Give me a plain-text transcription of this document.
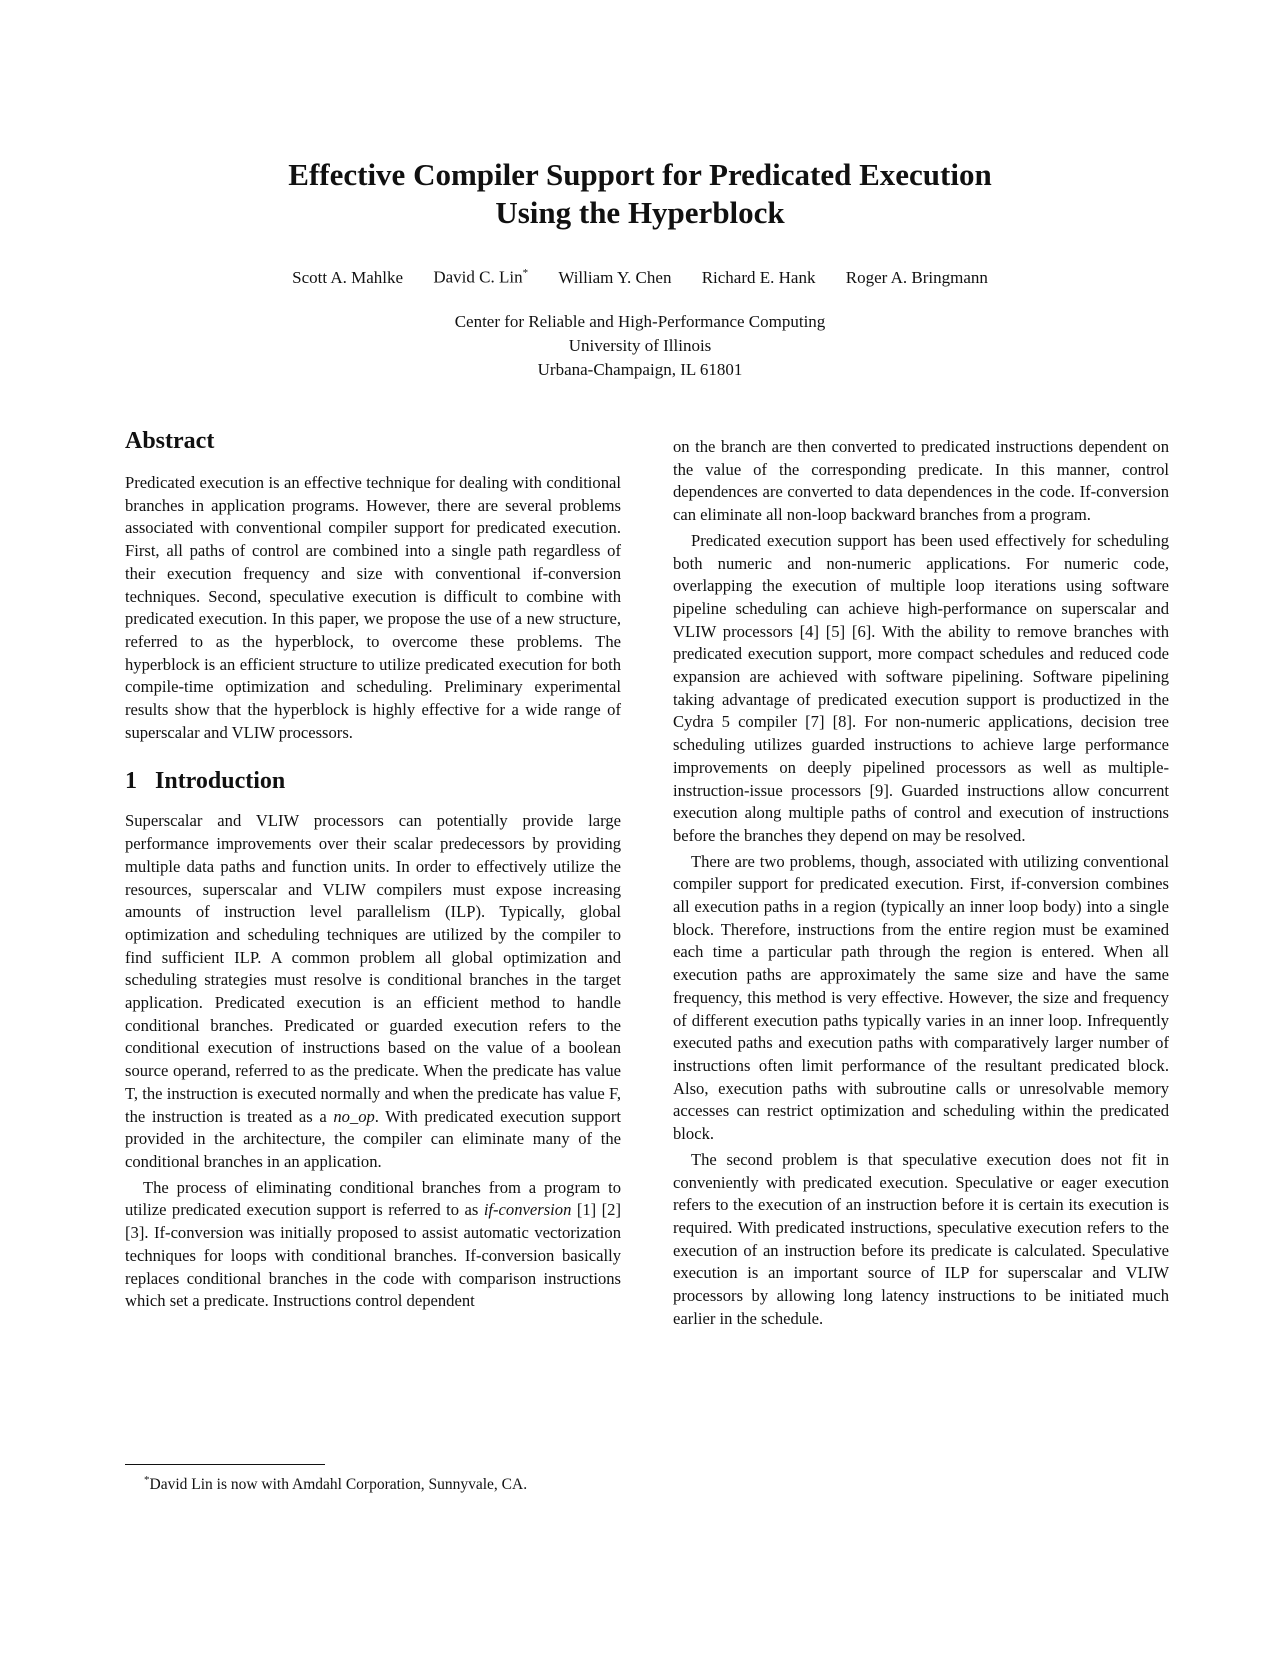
Effective Compiler Support for Predicated Execution
Using the Hyperblock
Scott A. Mahlke David C. Lin* William Y. Chen Richard E. Hank Roger A. Bringmann
Center for Reliable and High-Performance Computing
University of Illinois
Urbana-Champaign, IL 61801
Abstract

Predicated execution is an effective technique for dealing with conditional branches in application programs. However, there are several problems associated with conventional compiler support for predicated execution. First, all paths of control are combined into a single path regardless of their execution frequency and size with conventional if-conversion techniques. Second, speculative execution is difficult to combine with predicated execution. In this paper, we propose the use of a new structure, referred to as the hyperblock, to overcome these problems. The hyperblock is an efficient structure to utilize predicated execution for both compile-time optimization and scheduling. Preliminary experimental results show that the hyperblock is highly effective for a wide range of superscalar and VLIW processors.

1 Introduction

Superscalar and VLIW processors can potentially provide large performance improvements over their scalar predecessors by providing multiple data paths and function units. In order to effectively utilize the resources, superscalar and VLIW compilers must expose increasing amounts of instruction level parallelism (ILP). Typically, global optimization and scheduling techniques are utilized by the compiler to find sufficient ILP. A common problem all global optimization and scheduling strategies must resolve is conditional branches in the target application. Predicated execution is an efficient method to handle conditional branches. Predicated or guarded execution refers to the conditional execution of instructions based on the value of a boolean source operand, referred to as the predicate. When the predicate has value T, the instruction is executed normally and when the predicate has value F, the instruction is treated as a no_op. With predicated execution support provided in the architecture, the compiler can eliminate many of the conditional branches in an application.

The process of eliminating conditional branches from a program to utilize predicated execution support is referred to as if-conversion [1] [2] [3]. If-conversion was initially proposed to assist automatic vectorization techniques for loops with conditional branches. If-conversion basically replaces conditional branches in the code with comparison instructions which set a predicate. Instructions control dependent

*David Lin is now with Amdahl Corporation, Sunnyvale, CA.

on the branch are then converted to predicated instructions dependent on the value of the corresponding predicate. In this manner, control dependences are converted to data dependences in the code. If-conversion can eliminate all non-loop backward branches from a program.

Predicated execution support has been used effectively for scheduling both numeric and non-numeric applications. For numeric code, overlapping the execution of multiple loop iterations using software pipeline scheduling can achieve high-performance on superscalar and VLIW processors [4] [5] [6]. With the ability to remove branches with predicated execution support, more compact schedules and reduced code expansion are achieved with software pipelining. Software pipelining taking advantage of predicated execution support is productized in the Cydra 5 compiler [7] [8]. For non-numeric applications, decision tree scheduling utilizes guarded instructions to achieve large performance improvements on deeply pipelined processors as well as multiple-instruction-issue processors [9]. Guarded instructions allow concurrent execution along multiple paths of control and execution of instructions before the branches they depend on may be resolved.

There are two problems, though, associated with utilizing conventional compiler support for predicated execution. First, if-conversion combines all execution paths in a region (typically an inner loop body) into a single block. Therefore, instructions from the entire region must be examined each time a particular path through the region is entered. When all execution paths are approximately the same size and have the same frequency, this method is very effective. However, the size and frequency of different execution paths typically varies in an inner loop. Infrequently executed paths and execution paths with comparatively larger number of instructions often limit performance of the resultant predicated block. Also, execution paths with subroutine calls or unresolvable memory accesses can restrict optimization and scheduling within the predicated block.

The second problem is that speculative execution does not fit in conveniently with predicated execution. Speculative or eager execution refers to the execution of an instruction before it is certain its execution is required. With predicated instructions, speculative execution refers to the execution of an instruction before its predicate is calculated. Speculative execution is an important source of ILP for superscalar and VLIW processors by allowing long latency instructions to be initiated much earlier in the schedule.
